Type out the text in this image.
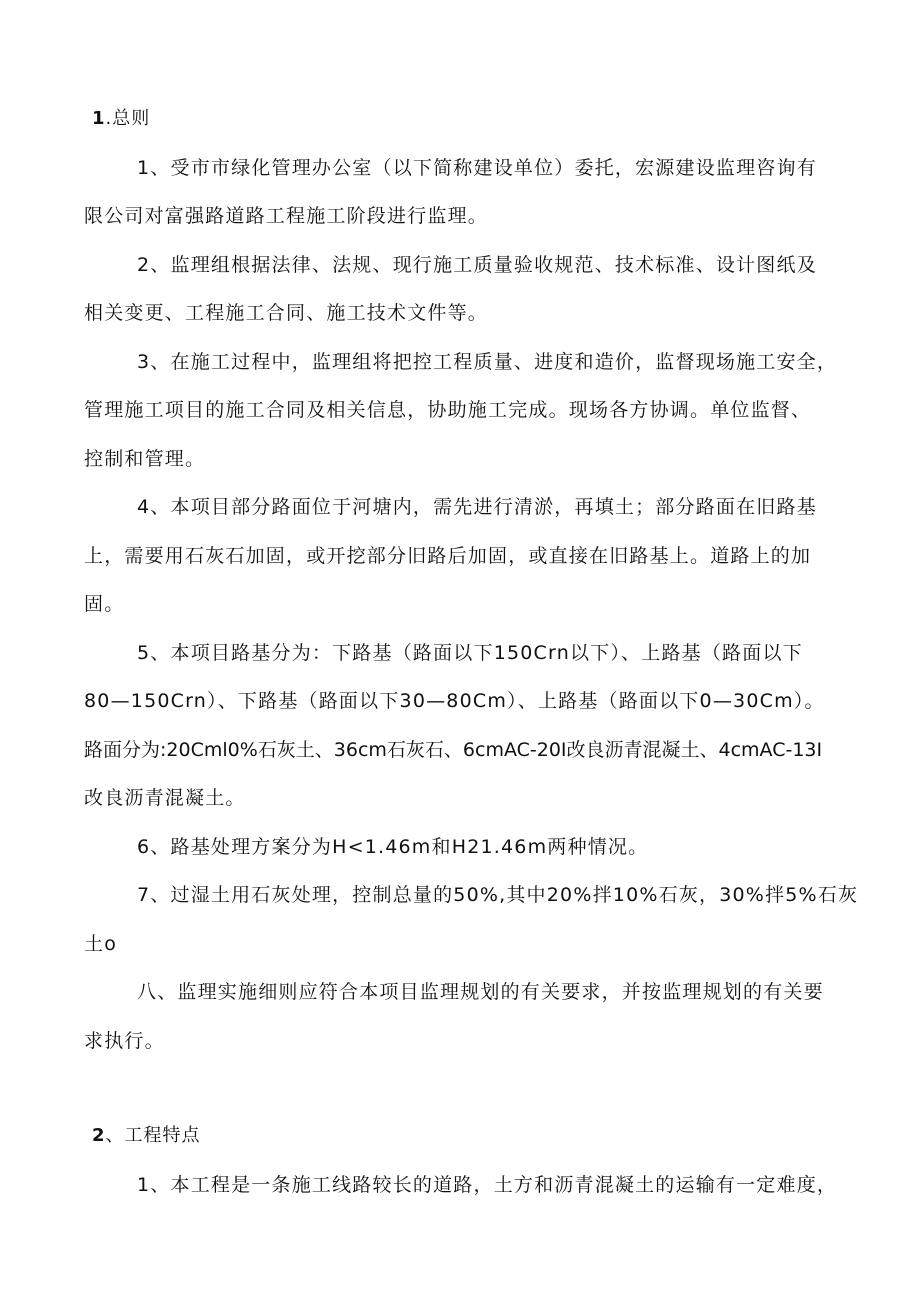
1.总则
1、受市市绿化管理办公室（以下简称建设单位）委托，宏源建设监理咨询有
限公司对富强路道路工程施工阶段进行监理。
2、监理组根据法律、法规、现行施工质量验收规范、技术标准、设计图纸及
相关变更、工程施工合同、施工技术文件等。
3、在施工过程中，监理组将把控工程质量、进度和造价，监督现场施工安全，
管理施工项目的施工合同及相关信息，协助施工完成。现场各方协调。单位监督、
控制和管理。
4、本项目部分路面位于河塘内，需先进行清淤，再填土；部分路面在旧路基
上，需要用石灰石加固，或开挖部分旧路后加固，或直接在旧路基上。道路上的加
固。
5、本项目路基分为：下路基（路面以下150Crn以下）、上路基（路面以下
80—150Crn）、下路基（路面以下30—80Cm）、上路基（路面以下0—30Cm）。
路面分为:20Cml0%石灰土、36cm石灰石、6cmAC-20I改良沥青混凝土、4cmAC-13I
改良沥青混凝土。
6、路基处理方案分为H<1.46m和H21.46m两种情况。
7、过湿土用石灰处理，控制总量的50%,其中20%拌10%石灰，30%拌5%石灰
土o
八、监理实施细则应符合本项目监理规划的有关要求，并按监理规划的有关要
求执行。
2、工程特点
1、本工程是一条施工线路较长的道路，土方和沥青混凝土的运输有一定难度，
